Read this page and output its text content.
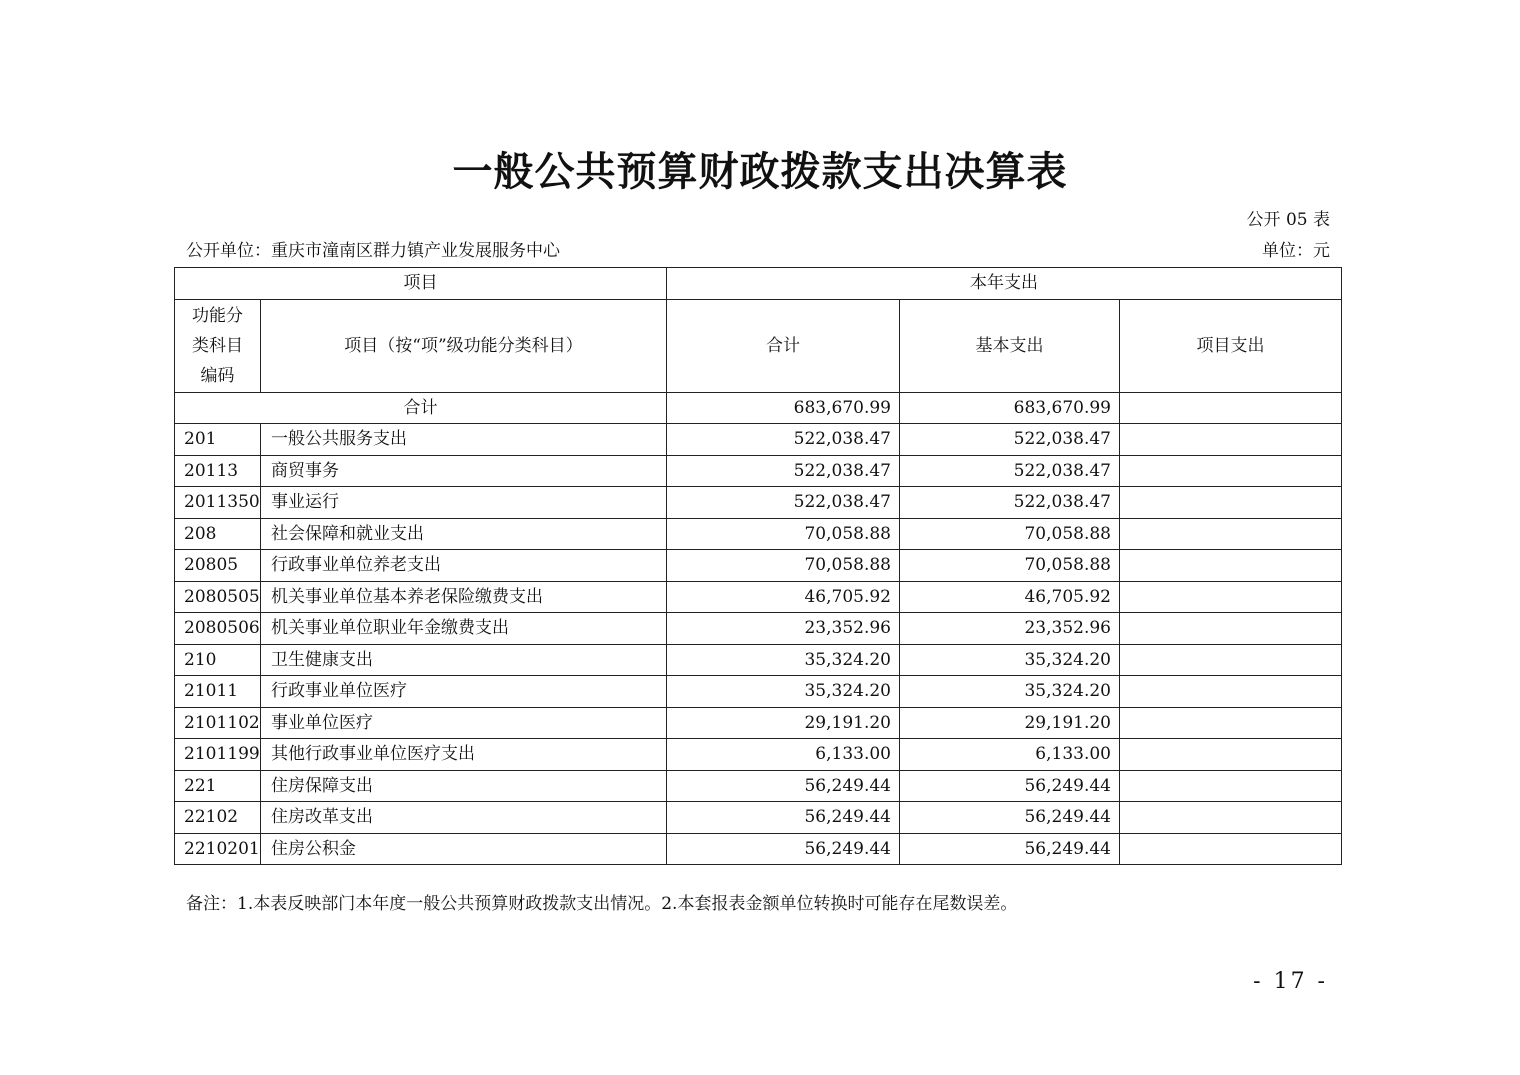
一般公共预算财政拨款支出决算表
公开 05 表
公开单位：重庆市潼南区群力镇产业发展服务中心	单位：元
项目		本年支出		

功能分
类科目
编码	项目（按“项”级功能分类科目）	合计	基本支出	项目支出
合计		683,670.99	683,670.99	
201	一般公共服务支出	522,038.47	522,038.47	
20113	商贸事务	522,038.47	522,038.47	
2011350	事业运行	522,038.47	522,038.47	
208	社会保障和就业支出	70,058.88	70,058.88	
20805	行政事业单位养老支出	70,058.88	70,058.88	
2080505	机关事业单位基本养老保险缴费支出	46,705.92	46,705.92	
2080506	机关事业单位职业年金缴费支出	23,352.96	23,352.96	
210	卫生健康支出	35,324.20	35,324.20	
21011	行政事业单位医疗	35,324.20	35,324.20	
2101102	事业单位医疗	29,191.20	29,191.20	
2101199	其他行政事业单位医疗支出	6,133.00	6,133.00	
221	住房保障支出	56,249.44	56,249.44	
22102	住房改革支出	56,249.44	56,249.44	
2210201	住房公积金	56,249.44	56,249.44	
备注：1.本表反映部门本年度一般公共预算财政拨款支出情况。2.本套报表金额单位转换时可能存在尾数误差。
- 17 -
